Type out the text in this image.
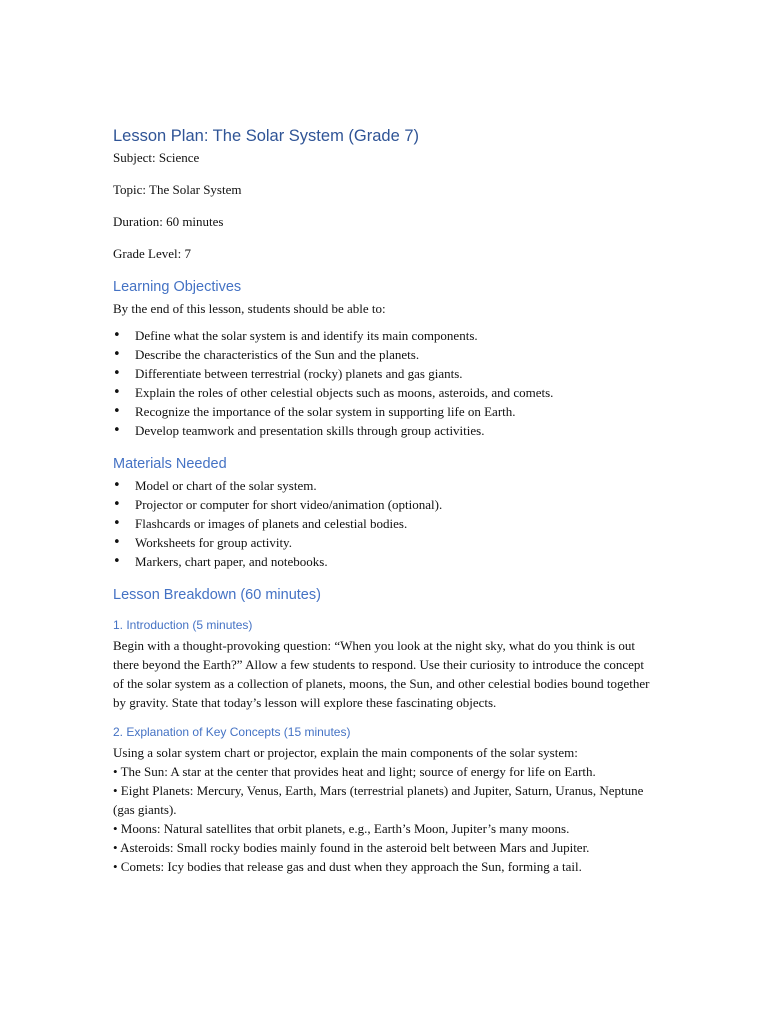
Lesson Plan: The Solar System (Grade 7)

Subject: Science

Topic: The Solar System

Duration: 60 minutes

Grade Level: 7

Learning Objectives

By the end of this lesson, students should be able to:

• Define what the solar system is and identify its main components.
• Describe the characteristics of the Sun and the planets.
• Differentiate between terrestrial (rocky) planets and gas giants.
• Explain the roles of other celestial objects such as moons, asteroids, and comets.
• Recognize the importance of the solar system in supporting life on Earth.
• Develop teamwork and presentation skills through group activities.
Materials Needed
• Model or chart of the solar system.
• Projector or computer for short video/animation (optional).
• Flashcards or images of planets and celestial bodies.
• Worksheets for group activity.
• Markers, chart paper, and notebooks.
Lesson Breakdown (60 minutes)
1. Introduction (5 minutes)

Begin with a thought-provoking question: “When you look at the night sky, what do you think is out there beyond the Earth?” Allow a few students to respond. Use their curiosity to introduce the concept of the solar system as a collection of planets, moons, the Sun, and other celestial bodies bound together by gravity. State that today’s lesson will explore these fascinating objects.

2. Explanation of Key Concepts (15 minutes)

Using a solar system chart or projector, explain the main components of the solar system:

• The Sun: A star at the center that provides heat and light; source of energy for life on Earth.

• Eight Planets: Mercury, Venus, Earth, Mars (terrestrial planets) and Jupiter, Saturn, Uranus, Neptune (gas giants).

• Moons: Natural satellites that orbit planets, e.g., Earth’s Moon, Jupiter’s many moons.

• Asteroids: Small rocky bodies mainly found in the asteroid belt between Mars and Jupiter.

• Comets: Icy bodies that release gas and dust when they approach the Sun, forming a tail.
